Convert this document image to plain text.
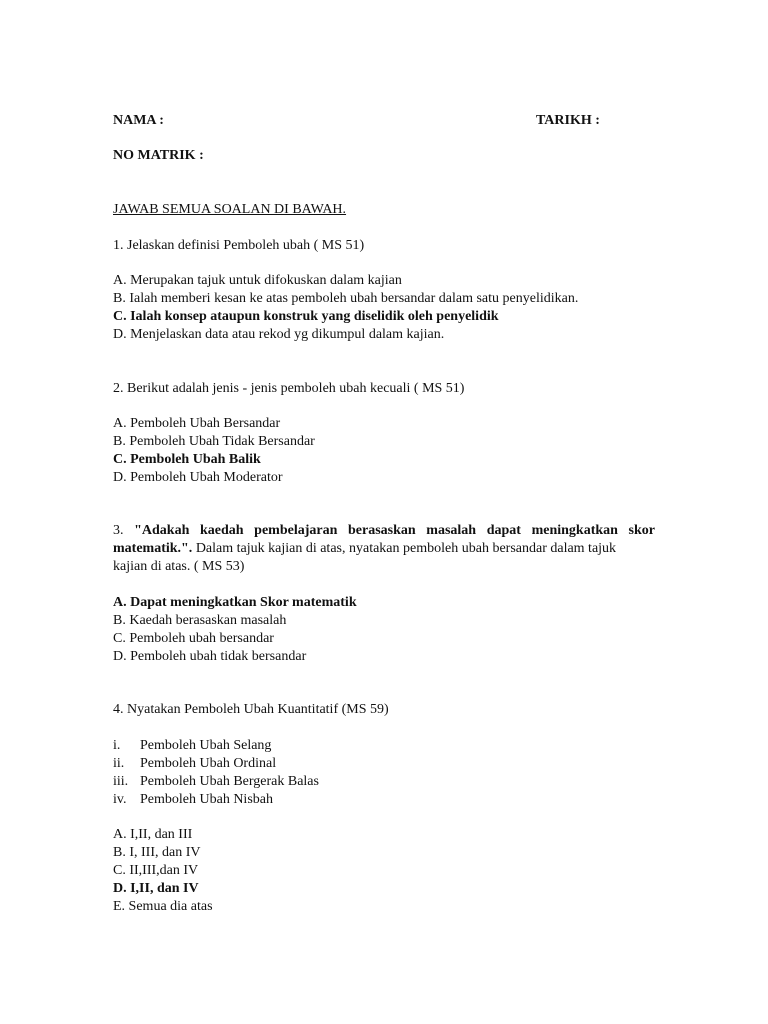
NAMA :	TARIKH :
NO MATRIK :
JAWAB SEMUA SOALAN DI BAWAH.
1. Jelaskan definisi Pemboleh ubah ( MS 51)
A. Merupakan tajuk untuk difokuskan dalam kajian
B. Ialah memberi kesan ke atas pemboleh ubah bersandar dalam satu penyelidikan.
C. Ialah konsep ataupun konstruk yang diselidik oleh penyelidik
D. Menjelaskan data atau rekod yg dikumpul dalam kajian.
2. Berikut adalah jenis - jenis pemboleh ubah kecuali ( MS 51)
A. Pemboleh Ubah Bersandar
B. Pemboleh Ubah Tidak Bersandar
C. Pemboleh Ubah Balik
D. Pemboleh Ubah Moderator
3. "Adakah kaedah pembelajaran berasaskan masalah dapat meningkatkan skor
matematik.". Dalam tajuk kajian di atas, nyatakan pemboleh ubah bersandar dalam tajuk
kajian di atas. ( MS 53)
A. Dapat meningkatkan Skor matematik
B. Kaedah berasaskan masalah
C. Pemboleh ubah bersandar
D. Pemboleh ubah tidak bersandar
4. Nyatakan Pemboleh Ubah Kuantitatif (MS 59)
i. Pemboleh Ubah Selang
ii. Pemboleh Ubah Ordinal
iii. Pemboleh Ubah Bergerak Balas
iv. Pemboleh Ubah Nisbah
A. I,II, dan III
B. I, III, dan IV
C. II,III,dan IV
D. I,II, dan IV
E. Semua dia atas
